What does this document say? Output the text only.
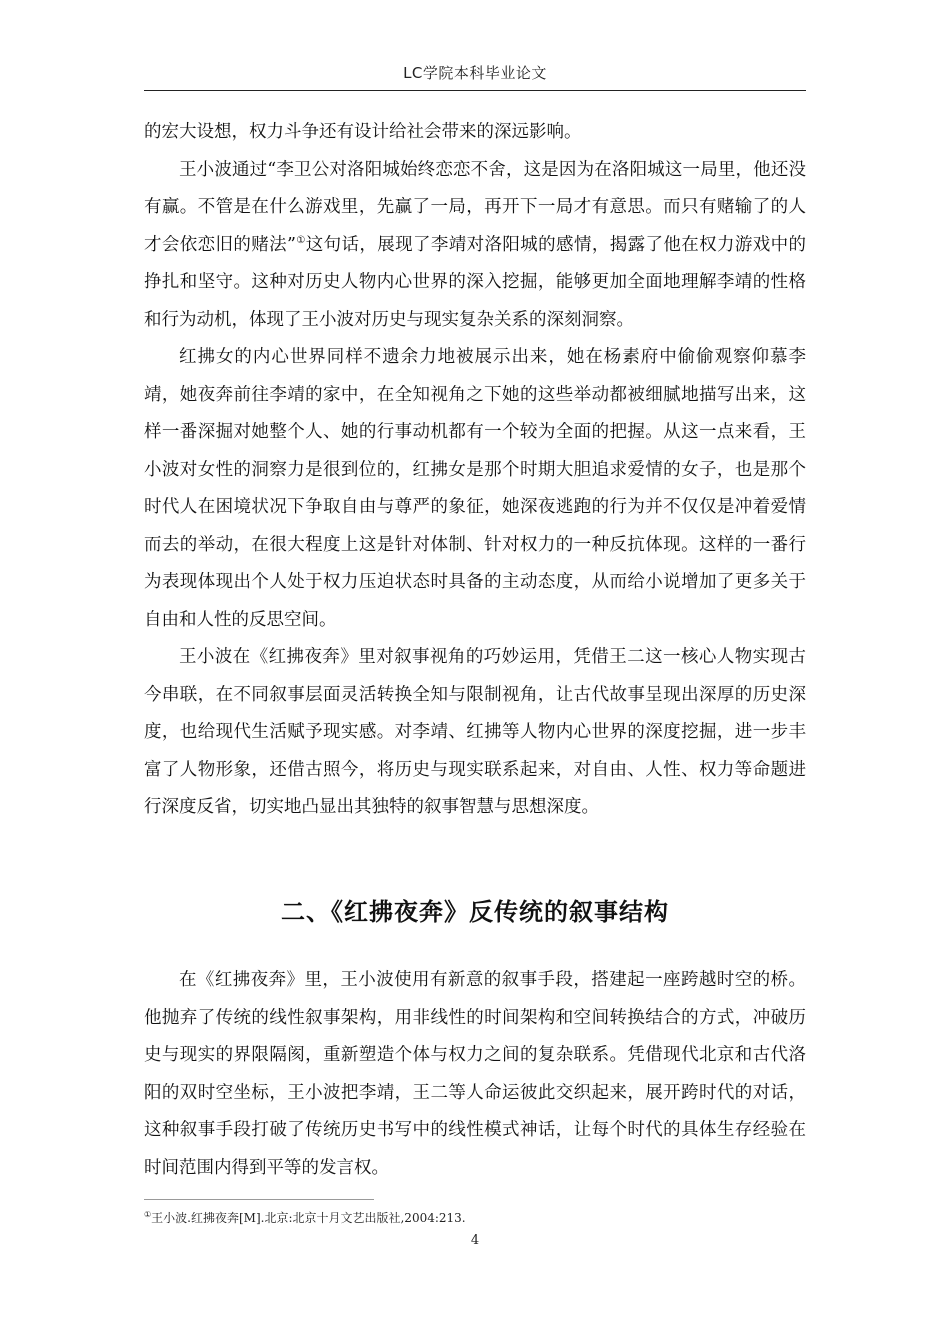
LC学院本科毕业论文

的宏大设想，权力斗争还有设计给社会带来的深远影响。

王小波通过“李卫公对洛阳城始终恋恋不舍，这是因为在洛阳城这一局里，他还没有赢。不管是在什么游戏里，先赢了一局，再开下一局才有意思。而只有赌输了的人才会依恋旧的赌法”①这句话，展现了李靖对洛阳城的感情，揭露了他在权力游戏中的挣扎和坚守。这种对历史人物内心世界的深入挖掘，能够更加全面地理解李靖的性格和行为动机，体现了王小波对历史与现实复杂关系的深刻洞察。

红拂女的内心世界同样不遗余力地被展示出来，她在杨素府中偷偷观察仰慕李靖，她夜奔前往李靖的家中，在全知视角之下她的这些举动都被细腻地描写出来，这样一番深掘对她整个人、她的行事动机都有一个较为全面的把握。从这一点来看，王小波对女性的洞察力是很到位的，红拂女是那个时期大胆追求爱情的女子，也是那个时代人在困境状况下争取自由与尊严的象征，她深夜逃跑的行为并不仅仅是冲着爱情而去的举动，在很大程度上这是针对体制、针对权力的一种反抗体现。这样的一番行为表现体现出个人处于权力压迫状态时具备的主动态度，从而给小说增加了更多关于自由和人性的反思空间。

王小波在《红拂夜奔》里对叙事视角的巧妙运用，凭借王二这一核心人物实现古今串联，在不同叙事层面灵活转换全知与限制视角，让古代故事呈现出深厚的历史深度，也给现代生活赋予现实感。对李靖、红拂等人物内心世界的深度挖掘，进一步丰富了人物形象，还借古照今，将历史与现实联系起来，对自由、人性、权力等命题进行深度反省，切实地凸显出其独特的叙事智慧与思想深度。

二、《红拂夜奔》反传统的叙事结构

在《红拂夜奔》里，王小波使用有新意的叙事手段，搭建起一座跨越时空的桥。他抛弃了传统的线性叙事架构，用非线性的时间架构和空间转换结合的方式，冲破历史与现实的界限隔阂，重新塑造个体与权力之间的复杂联系。凭借现代北京和古代洛阳的双时空坐标，王小波把李靖，王二等人命运彼此交织起来，展开跨时代的对话，这种叙事手段打破了传统历史书写中的线性模式神话，让每个时代的具体生存经验在时间范围内得到平等的发言权。

①王小波.红拂夜奔[M].北京:北京十月文艺出版社,2004:213.
4
